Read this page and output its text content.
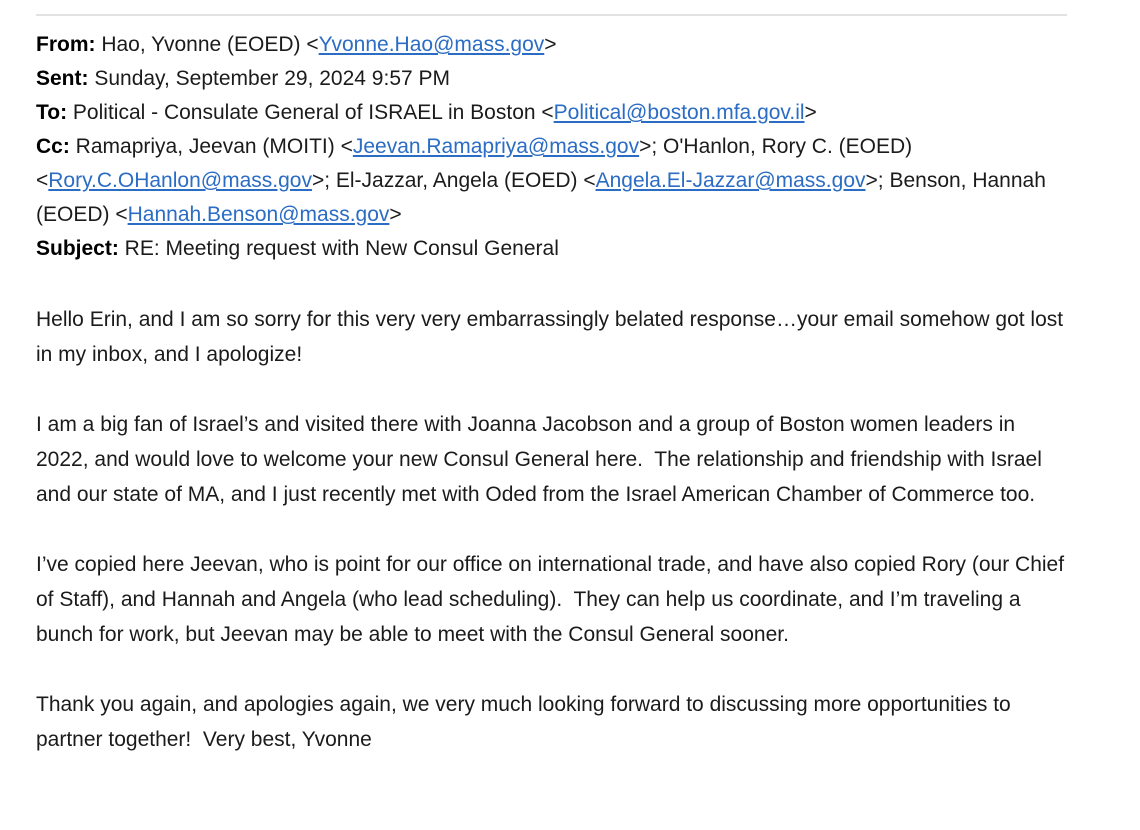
From: Hao, Yvonne (EOED) <Yvonne.Hao@mass.gov>
Sent: Sunday, September 29, 2024 9:57 PM
To: Political - Consulate General of ISRAEL in Boston <Political@boston.mfa.gov.il>
Cc: Ramapriya, Jeevan (MOITI) <Jeevan.Ramapriya@mass.gov>; O'Hanlon, Rory C. (EOED) <Rory.C.OHanlon@mass.gov>; El-Jazzar, Angela (EOED) <Angela.El-Jazzar@mass.gov>; Benson, Hannah (EOED) <Hannah.Benson@mass.gov>
Subject: RE: Meeting request with New Consul General

Hello Erin, and I am so sorry for this very very embarrassingly belated response…your email somehow got lost in my inbox, and I apologize!

I am a big fan of Israel’s and visited there with Joanna Jacobson and a group of Boston women leaders in 2022, and would love to welcome your new Consul General here.  The relationship and friendship with Israel and our state of MA, and I just recently met with Oded from the Israel American Chamber of Commerce too.

I’ve copied here Jeevan, who is point for our office on international trade, and have also copied Rory (our Chief of Staff), and Hannah and Angela (who lead scheduling).  They can help us coordinate, and I’m traveling a bunch for work, but Jeevan may be able to meet with the Consul General sooner.

Thank you again, and apologies again, we very much looking forward to discussing more opportunities to partner together!  Very best, Yvonne
